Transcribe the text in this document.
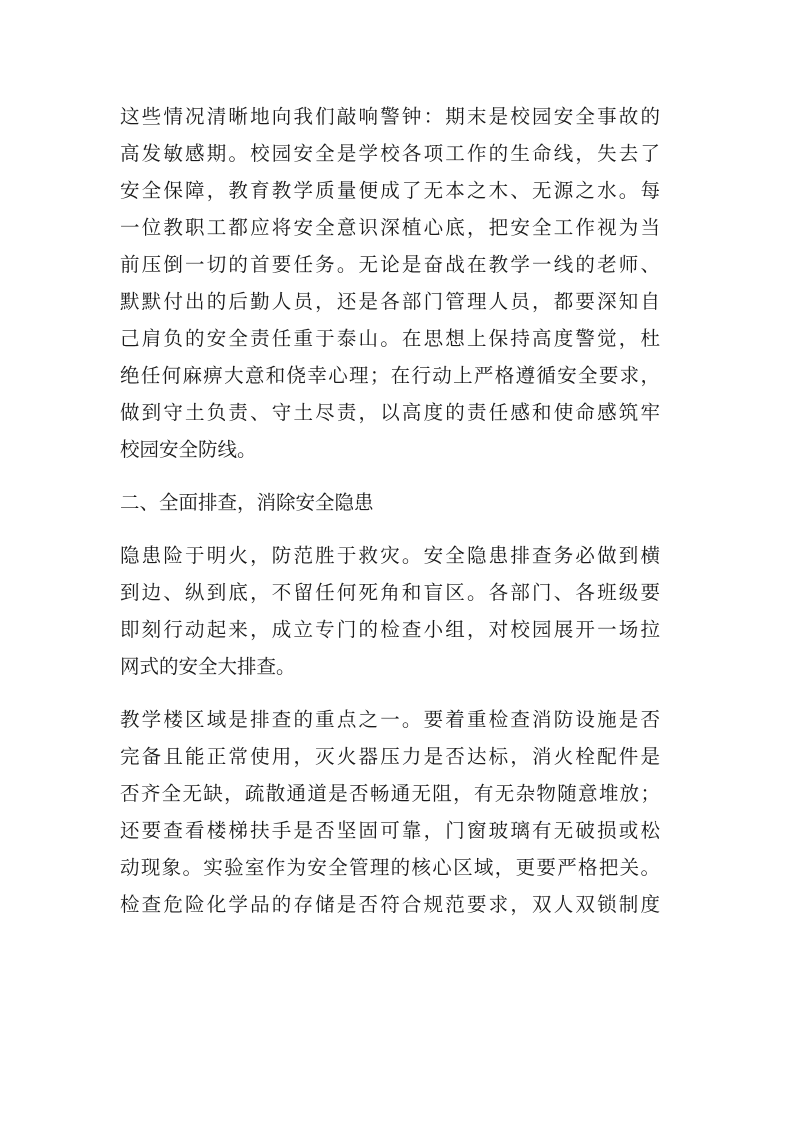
这些情况清晰地向我们敲响警钟：期末是校园安全事故的
高发敏感期。校园安全是学校各项工作的生命线，失去了
安全保障，教育教学质量便成了无本之木、无源之水。每
一位教职工都应将安全意识深植心底，把安全工作视为当
前压倒一切的首要任务。无论是奋战在教学一线的老师、
默默付出的后勤人员，还是各部门管理人员，都要深知自
己肩负的安全责任重于泰山。在思想上保持高度警觉，杜
绝任何麻痹大意和侥幸心理；在行动上严格遵循安全要求，
做到守土负责、守土尽责，以高度的责任感和使命感筑牢
校园安全防线。
二、全面排查，消除安全隐患
隐患险于明火，防范胜于救灾。安全隐患排查务必做到横
到边、纵到底，不留任何死角和盲区。各部门、各班级要
即刻行动起来，成立专门的检查小组，对校园展开一场拉
网式的安全大排查。
教学楼区域是排查的重点之一。要着重检查消防设施是否
完备且能正常使用，灭火器压力是否达标，消火栓配件是
否齐全无缺，疏散通道是否畅通无阻，有无杂物随意堆放；
还要查看楼梯扶手是否坚固可靠，门窗玻璃有无破损或松
动现象。实验室作为安全管理的核心区域，更要严格把关。
检查危险化学品的存储是否符合规范要求，双人双锁制度
